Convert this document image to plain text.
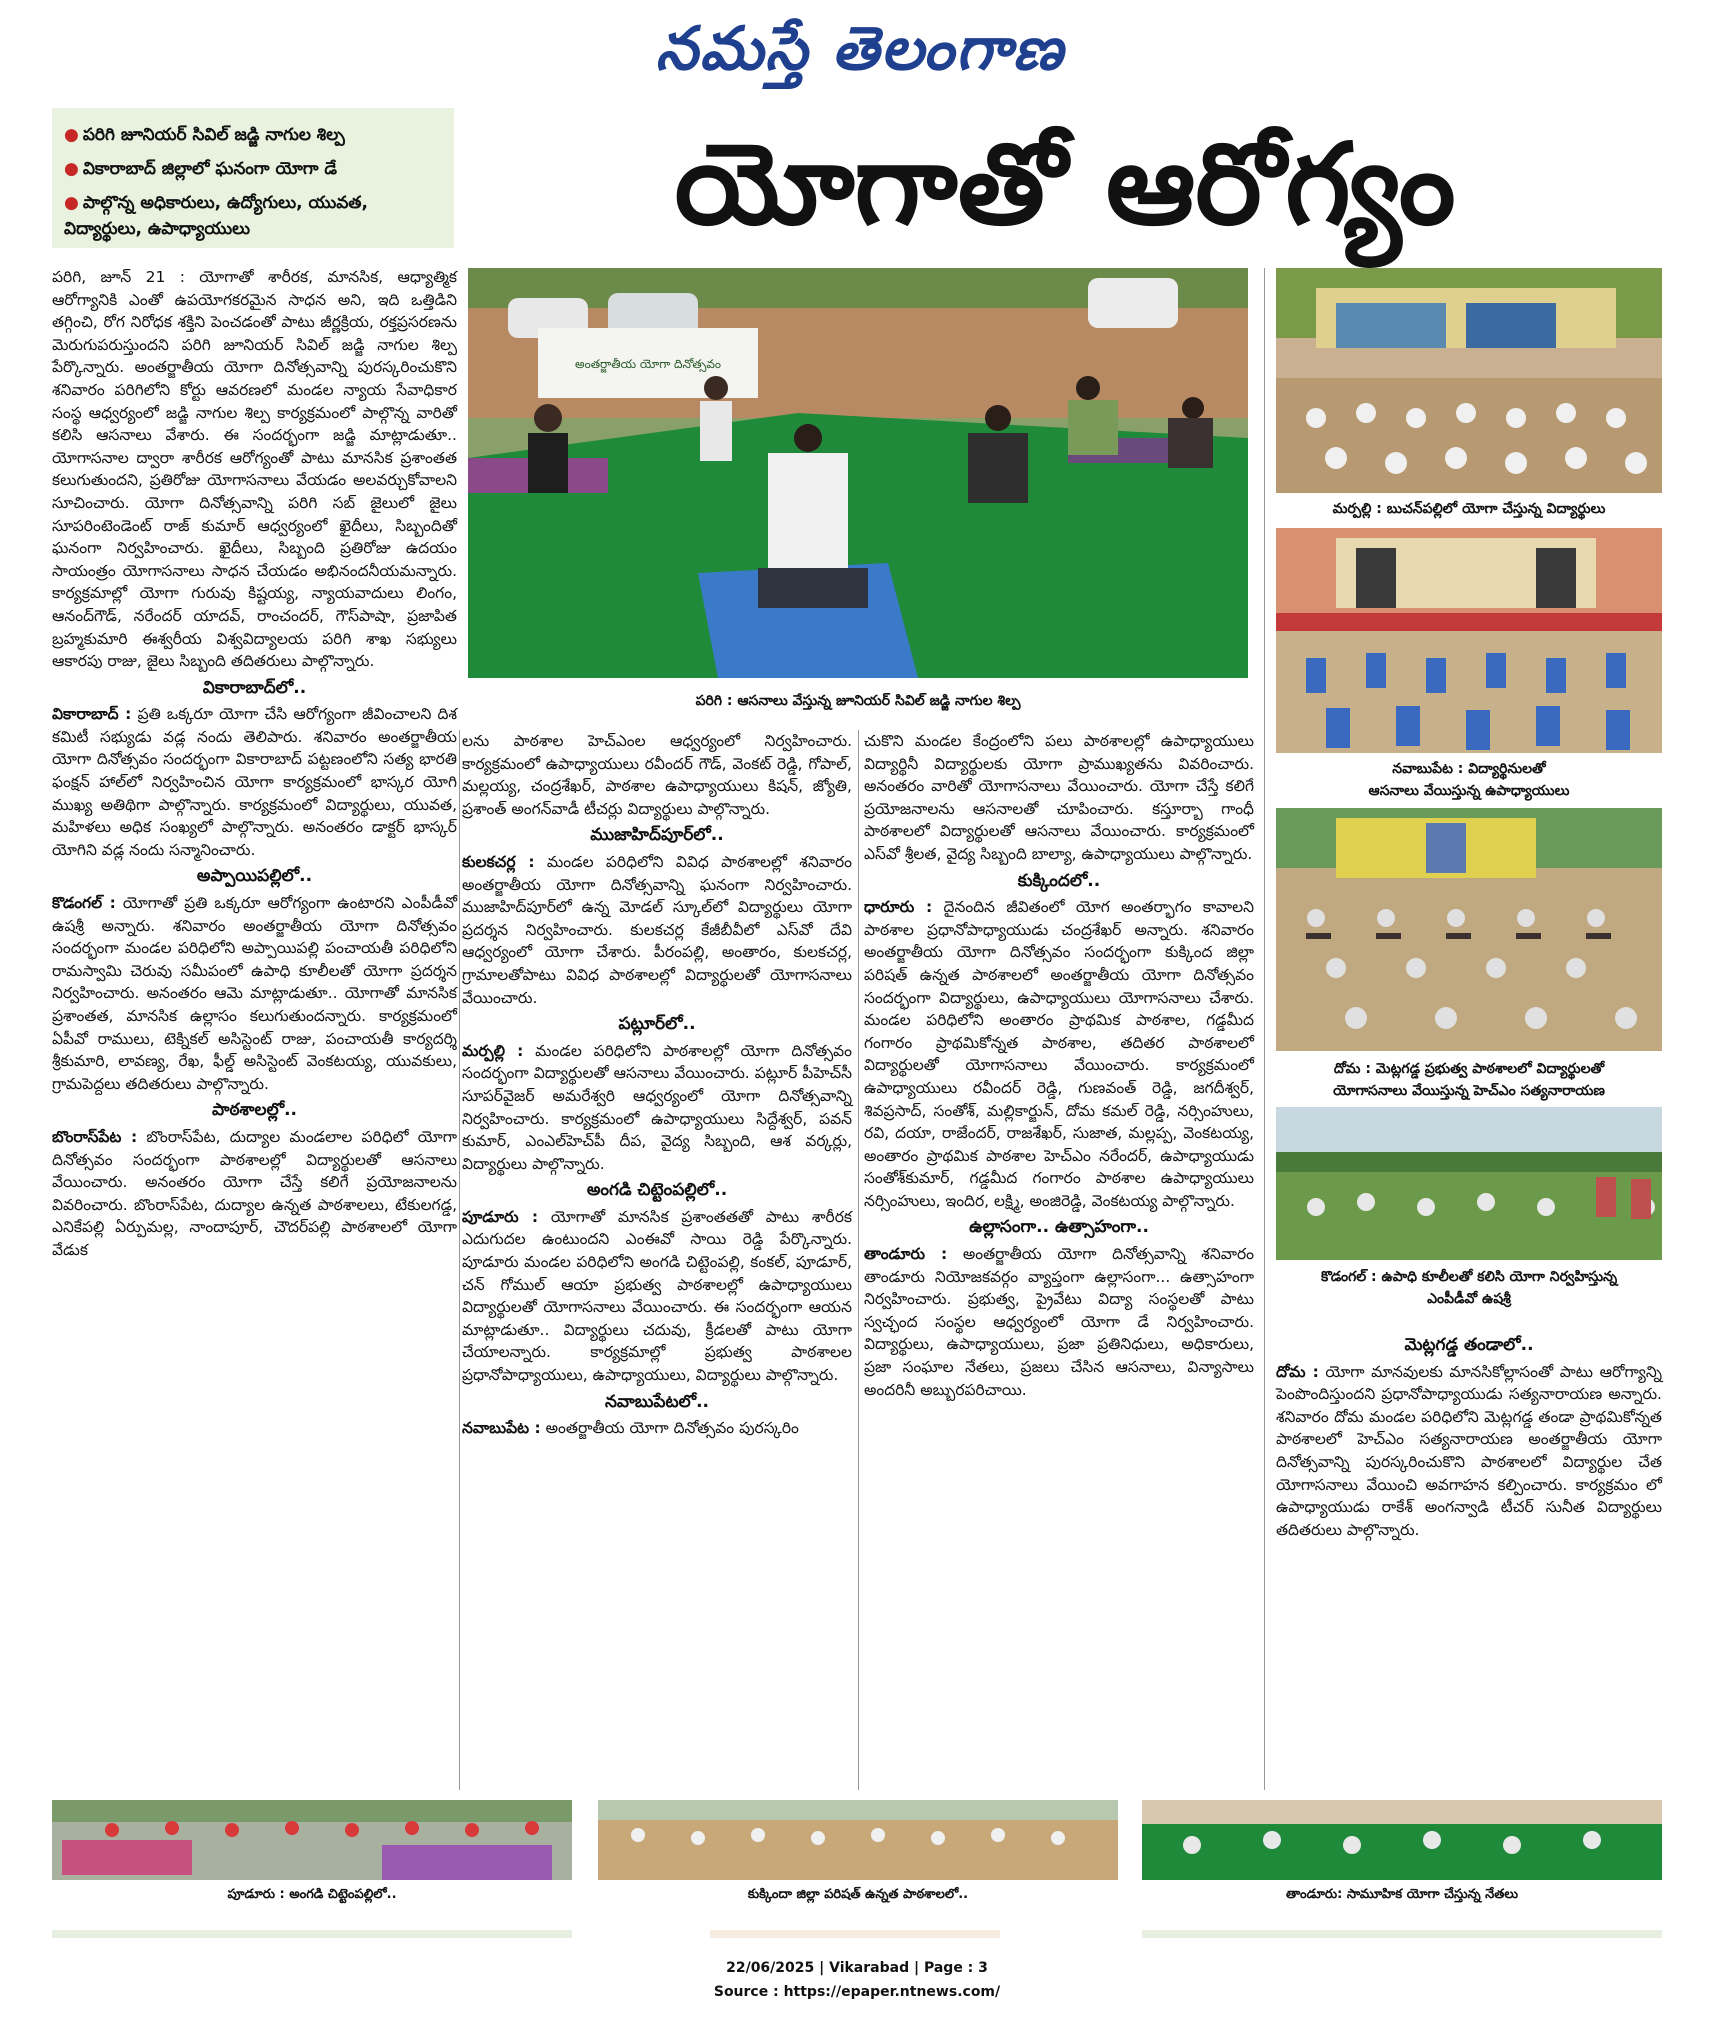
నమస్తే తెలంగాణ
● పరిగి జూనియర్ సివిల్ జడ్జి నాగుల శిల్ప
● వికారాబాద్ జిల్లాలో ఘనంగా యోగా డే
● పాల్గొన్న అధికారులు, ఉద్యోగులు, యువత, విద్యార్థులు, ఉపాధ్యాయులు	యోగాతో ఆరోగ్యం
అంతర్జాతీయ యోగా దినోత్సవం
పరిగి : ఆసనాలు వేస్తున్న జూనియర్ సివిల్ జడ్జి నాగుల శిల్ప
మర్పల్లి : బుచన్‌పల్లిలో యోగా చేస్తున్న విద్యార్థులు
నవాబుపేట : విద్యార్థినులతో
ఆసనాలు వేయిస్తున్న ఉపాధ్యాయులు
దోమ : మెట్లగడ్డ ప్రభుత్వ పాఠశాలలో విద్యార్థులతో
యోగాసనాలు వేయిస్తున్న హెచ్‌ఎం సత్యనారాయణ
కొడంగల్ : ఉపాధి కూలీలతో కలిసి యోగా నిర్వహిస్తున్న
ఎంపీడీవో ఉషశ్రీ

పరిగి, జూన్ 21 : యోగాతో శారీరక, మానసిక, ఆధ్యాత్మిక ఆరోగ్యానికి ఎంతో ఉపయోగకరమైన సాధన అని, ఇది ఒత్తిడిని తగ్గించి, రోగ నిరోధక శక్తిని పెంచడంతో పాటు జీర్ణక్రియ, రక్తప్రసరణను మెరుగుపరుస్తుందని పరిగి జూనియర్ సివిల్ జడ్జి నాగుల శిల్ప పేర్కొన్నారు. అంతర్జాతీయ యోగా దినోత్సవాన్ని పురస్కరించుకొని శనివారం పరిగిలోని కోర్టు ఆవరణలో మండల న్యాయ సేవాధికార సంస్థ ఆధ్వర్యంలో జడ్జి నాగుల శిల్ప కార్యక్రమంలో పాల్గొన్న వారితో కలిసి ఆసనాలు వేశారు. ఈ సందర్భంగా జడ్జి మాట్లాడుతూ.. యోగాసనాల ద్వారా శారీరక ఆరోగ్యంతో పాటు మానసిక ప్రశాంతత కలుగుతుందని, ప్రతిరోజు యోగాసనాలు వేయడం అలవర్చుకోవాలని సూచించారు. యోగా దినోత్సవాన్ని పరిగి సబ్ జైలులో జైలు సూపరింటెండెంట్ రాజ్ కుమార్ ఆధ్వర్యంలో ఖైదీలు, సిబ్బందితో ఘనంగా నిర్వహించారు. ఖైదీలు, సిబ్బంది ప్రతిరోజు ఉదయం సాయంత్రం యోగాసనాలు సాధన చేయడం అభినందనీయమన్నారు. కార్యక్రమాల్లో యోగా గురువు కిష్టయ్య, న్యాయవాదులు లింగం, ఆనంద్‌గౌడ్, నరేందర్ యాదవ్, రాంచందర్, గౌస్‌పాషా, ప్రజాపిత బ్రహ్మకుమారి ఈశ్వరీయ విశ్వవిద్యాలయ పరిగి శాఖ సభ్యులు ఆకారపు రాజు, జైలు సిబ్బంది తదితరులు పాల్గొన్నారు.

వికారాబాద్‌లో..

వికారాబాద్ : ప్రతి ఒక్కరూ యోగా చేసి ఆరోగ్యంగా జీవించాలని దిశ కమిటీ సభ్యుడు వడ్ల నందు తెలిపారు. శనివారం అంతర్జాతీయ యోగా దినోత్సవం సందర్భంగా వికారాబాద్ పట్టణంలోని సత్య భారతి ఫంక్షన్ హాల్‌లో నిర్వహించిన యోగా కార్యక్రమంలో భాస్కర యోగి ముఖ్య అతిథిగా పాల్గొన్నారు. కార్యక్రమంలో విద్యార్థులు, యువత, మహిళలు అధిక సంఖ్యలో పాల్గొన్నారు. అనంతరం డాక్టర్ భాస్కర్ యోగిని వడ్ల నందు సన్మానించారు.

అప్పాయిపల్లిలో..

కొడంగల్ : యోగాతో ప్రతి ఒక్కరూ ఆరోగ్యంగా ఉంటారని ఎంపీడీవో ఉషశ్రీ అన్నారు. శనివారం అంతర్జాతీయ యోగా దినోత్సవం సందర్భంగా మండల పరిధిలోని అప్పాయిపల్లి పంచాయతీ పరిధిలోని రామస్వామి చెరువు సమీపంలో ఉపాధి కూలీలతో యోగా ప్రదర్శన నిర్వహించారు. అనంతరం ఆమె మాట్లాడుతూ.. యోగాతో మానసిక ప్రశాంతత, మానసిక ఉల్లాసం కలుగుతుందన్నారు. కార్యక్రమంలో ఏపీవో రాములు, టెక్నికల్ అసిస్టెంట్ రాజు, పంచాయతీ కార్యదర్శి శ్రీకుమారి, లావణ్య, రేఖ, ఫీల్డ్ అసిస్టెంట్ వెంకటయ్య, యువకులు, గ్రామపెద్దలు తదితరులు పాల్గొన్నారు.

పాఠశాలల్లో..

బొంరాస్‌పేట : బొంరాస్‌పేట, దుద్యాల మండలాల పరిధిలో యోగా దినోత్సవం సందర్భంగా పాఠశాలల్లో విద్యార్థులతో ఆసనాలు వేయించారు. అనంతరం యోగా చేస్తే కలిగే ప్రయోజనాలను వివరించారు. బొంరాస్‌పేట, దుద్యాల ఉన్నత పాఠశాలలు, టేకులగడ్డ, ఎనికేపల్లి ఏర్పుమల్ల, నాందాపూర్, చౌదర్‌పల్లి పాఠశాలలో యోగా వేడుక

లను పాఠశాల హెచ్‌ఎంల ఆధ్వర్యంలో నిర్వహించారు. కార్యక్రమంలో ఉపాధ్యాయులు రవీందర్ గౌడ్, వెంకట్ రెడ్డి, గోపాల్, మల్లయ్య, చంద్రశేఖర్, పాఠశాల ఉపాధ్యాయులు కిషన్, జ్యోతి, ప్రశాంత్ అంగన్‌వాడీ టీచర్లు విద్యార్థులు పాల్గొన్నారు.

ముజాహిద్‌పూర్‌లో..

కులకచర్ల : మండల పరిధిలోని వివిధ పాఠశాలల్లో శనివారం అంతర్జాతీయ యోగా దినోత్సవాన్ని ఘనంగా నిర్వహించారు. ముజాహిద్‌పూర్‌లో ఉన్న మోడల్ స్కూల్‌లో విద్యార్థులు యోగా ప్రదర్శన నిర్వహించారు. కులకచర్ల కేజీబీవీలో ఎస్‌వో దేవి ఆధ్వర్యంలో యోగా చేశారు. పీరంపల్లి, అంతారం, కులకచర్ల, గ్రామాలతోపాటు వివిధ పాఠశాలల్లో విద్యార్థులతో యోగాసనాలు వేయించారు.

పట్లూర్‌లో..

మర్పల్లి : మండల పరిధిలోని పాఠశాలల్లో యోగా దినోత్సవం సందర్భంగా విద్యార్థులతో ఆసనాలు వేయించారు. పట్లూర్ పీహెచ్‌సీ సూపర్‌వైజర్ అమరేశ్వరి ఆధ్వర్యంలో యోగా దినోత్సవాన్ని నిర్వహించారు. కార్యక్రమంలో ఉపాధ్యాయులు సిద్దేశ్వర్, పవన్ కుమార్, ఎంఎల్‌హెచ్‌పీ దీప, వైద్య సిబ్బంది, ఆశ వర్కర్లు, విద్యార్థులు పాల్గొన్నారు.

అంగడి చిట్టెంపల్లిలో..

పూడూరు : యోగాతో మానసిక ప్రశాంతతతో పాటు శారీరక ఎదుగుదల ఉంటుందని ఎంఈవో సాయి రెడ్డి పేర్కొన్నారు. పూడూరు మండల పరిధిలోని అంగడి చిట్టెంపల్లి, కంకల్, పూడూర్, చన్ గోముల్ ఆయా ప్రభుత్వ పాఠశాలల్లో ఉపాధ్యాయులు విద్యార్థులతో యోగాసనాలు వేయించారు. ఈ సందర్భంగా ఆయన మాట్లాడుతూ.. విద్యార్థులు చదువు, క్రీడలతో పాటు యోగా చేయాలన్నారు. కార్యక్రమాల్లో ప్రభుత్వ పాఠశాలల ప్రధానోపాధ్యాయులు, ఉపాధ్యాయులు, విద్యార్థులు పాల్గొన్నారు.

నవాబుపేటలో..

నవాబుపేట : అంతర్జాతీయ యోగా దినోత్సవం పురస్కరిం

చుకొని మండల కేంద్రంలోని పలు పాఠశాలల్లో ఉపాధ్యాయులు విద్యార్థినీ విద్యార్థులకు యోగా ప్రాముఖ్యతను వివరించారు. అనంతరం వారితో యోగాసనాలు వేయించారు. యోగా చేస్తే కలిగే ప్రయోజనాలను ఆసనాలతో చూపించారు. కస్తూర్బా గాంధీ పాఠశాలలో విద్యార్థులతో ఆసనాలు వేయించారు. కార్యక్రమంలో ఎస్‌వో శ్రీలత, వైద్య సిబ్బంది బాల్యా, ఉపాధ్యాయులు పాల్గొన్నారు.

కుక్కిందలో..

ధారూరు : దైనందిన జీవితంలో యోగ అంతర్భాగం కావాలని పాఠశాల ప్రధానోపాధ్యాయుడు చంద్రశేఖర్ అన్నారు. శనివారం అంతర్జాతీయ యోగా దినోత్సవం సందర్భంగా కుక్కింద జిల్లా పరిషత్ ఉన్నత పాఠశాలలో అంతర్జాతీయ యోగా దినోత్సవం సందర్భంగా విద్యార్థులు, ఉపాధ్యాయులు యోగాసనాలు చేశారు. మండల పరిధిలోని అంతారం ప్రాథమిక పాఠశాల, గడ్డమీద గంగారం ప్రాథమికోన్నత పాఠశాల, తదితర పాఠశాలలో విద్యార్థులతో యోగాసనాలు వేయించారు. కార్యక్రమంలో ఉపాధ్యాయులు రవీందర్ రెడ్డి, గుణవంత్ రెడ్డి, జగదీశ్వర్, శివప్రసాద్, సంతోశ్, మల్లికార్జున్, దోమ కమల్ రెడ్డి, నర్సింహులు, రవి, దయా, రాజేందర్, రాజశేఖర్, సుజాత, మల్లప్ప, వెంకటయ్య, అంతారం ప్రాథమిక పాఠశాల హెచ్‌ఎం నరేందర్, ఉపాధ్యాయుడు సంతోశ్‌కుమార్, గడ్డమీద గంగారం పాఠశాల ఉపాధ్యాయులు నర్సింహులు, ఇందిర, లక్ష్మి, అంజిరెడ్డి, వెంకటయ్య పాల్గొన్నారు.

ఉల్లాసంగా.. ఉత్సాహంగా..

తాండూరు : అంతర్జాతీయ యోగా దినోత్సవాన్ని శనివారం తాండూరు నియోజకవర్గం వ్యాప్తంగా ఉల్లాసంగా... ఉత్సాహంగా నిర్వహించారు. ప్రభుత్వ, ప్రైవేటు విద్యా సంస్థలతో పాటు స్వచ్ఛంద సంస్థల ఆధ్వర్యంలో యోగా డే నిర్వహించారు. విద్యార్థులు, ఉపాధ్యాయులు, ప్రజా ప్రతినిధులు, అధికారులు, ప్రజా సంఘాల నేతలు, ప్రజలు చేసిన ఆసనాలు, విన్యాసాలు అందరినీ అబ్బురపరిచాయి.

మెట్లగడ్డ తండాలో..

దోమ : యోగా మానవులకు మానసికోల్లాసంతో పాటు ఆరోగ్యాన్ని పెంపొందిస్తుందని ప్రధానోపాధ్యాయుడు సత్యనారాయణ అన్నారు. శనివారం దోమ మండల పరిధిలోని మెట్లగడ్డ తండా ప్రాథమికోన్నత పాఠశాలలో హెచ్‌ఎం సత్యనారాయణ అంతర్జాతీయ యోగా దినోత్సవాన్ని పురస్కరించుకొని పాఠశాలలో విద్యార్థుల చేత యోగాసనాలు వేయించి అవగాహన కల్పించారు. కార్యక్రమం లో ఉపాధ్యాయుడు రాకేశ్ అంగన్వాడి టీచర్ సునీత విద్యార్థులు తదితరులు పాల్గొన్నారు.

పూడూరు : అంగడి చిట్టెంపల్లిలో..	కుక్కిందా జిల్లా పరిషత్ ఉన్నత పాఠశాలలో..	తాండూరు: సామూహిక యోగా చేస్తున్న నేతలు
22/06/2025 | Vikarabad | Page : 3
Source : https://epaper.ntnews.com/
